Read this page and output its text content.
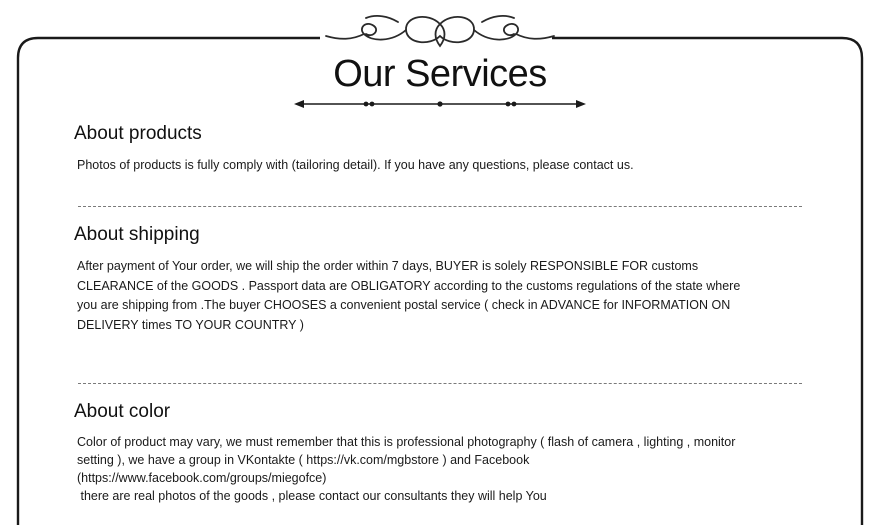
Our Services
About products

Photos of products is fully comply with (tailoring detail). If you have any questions, please contact us.

About shipping

After payment of Your order, we will ship the order within 7 days, BUYER is solely RESPONSIBLE FOR customs
CLEARANCE of the GOODS . Passport data are OBLIGATORY according to the customs regulations of the state where
you are shipping from .The buyer CHOOSES a convenient postal service ( check in ADVANCE for INFORMATION ON
DELIVERY times TO YOUR COUNTRY )

About color

Color of product may vary, we must remember that this is professional photography ( flash of camera , lighting , monitor
setting ), we have a group in VKontakte ( https://vk.com/mgbstore ) and Facebook
(https://www.facebook.com/groups/miegofce)
there are real photos of the goods , please contact our consultants they will help You
